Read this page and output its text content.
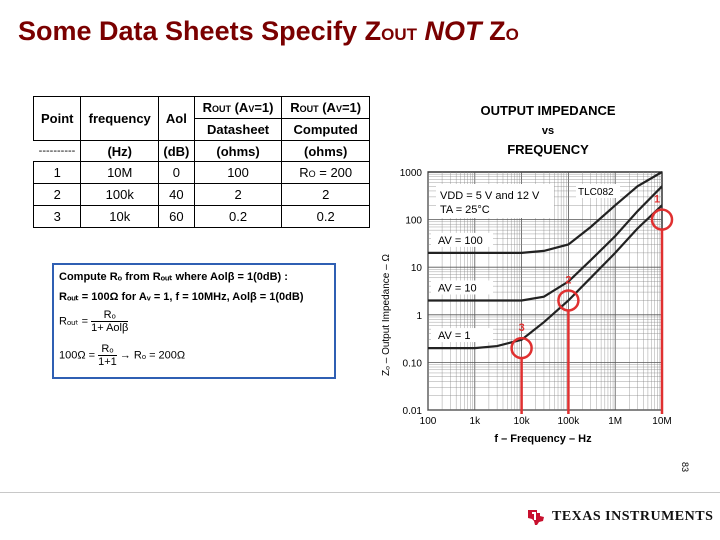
Some Data Sheets Specify ZOUT NOT ZO
Point	frequency	Aol	ROUT (AV=1)	ROUT (AV=1)
			Datasheet	Computed
----------	(Hz)	(dB)	(ohms)	(ohms)
1	10M	0	100	RO = 200
2	100k	40	2	2
3	10k	60	0.2	0.2
Compute Rₒ from Rₒᵤₜ where Aolβ = 1(0dB) :
Rₒᵤₜ = 100Ω for Aᵥ = 1, f = 10MHz, Aolβ = 1(0dB)
Rₒᵤₜ = $\frac{\text{Rₒ}}{\text{1+ Aolβ}}$
$100\Omega = \frac{\text{Rₒ}}{1+1} \to R_o = 200\Omega$
OUTPUT IMPEDANCE
vs
FREQUENCY
100	1k	10k	100k	1M	10M
1000
100
10
1
0.10
0.01
AV = 100
AV = 10
AV = 1
VDD = 5 V and 12 V
TA = 25°C
TLC082
1
2
3
Zₒ – Output Impedance – Ω
f – Frequency – Hz
83
TEXAS INSTRUMENTS
